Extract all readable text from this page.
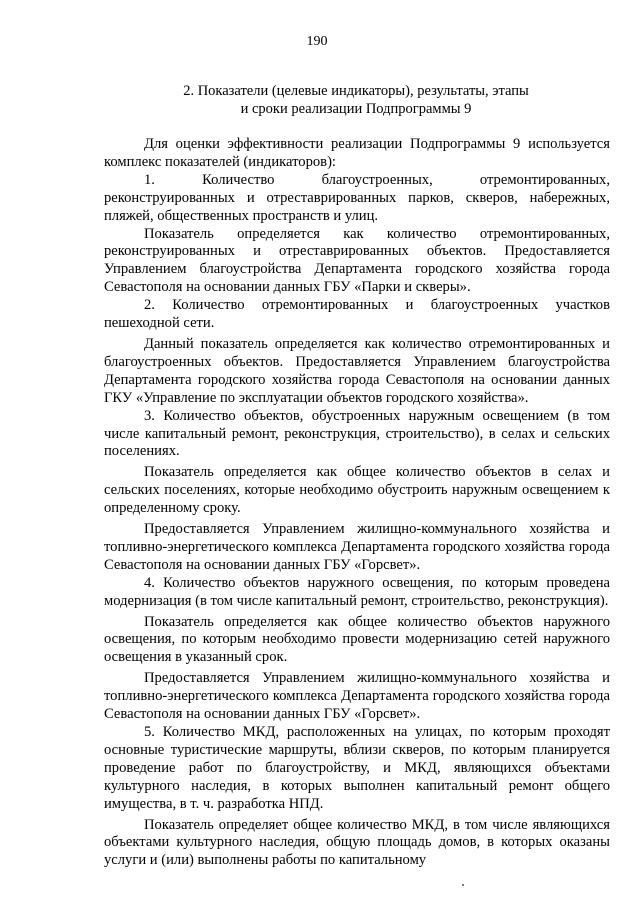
190
2. Показатели (целевые индикаторы), результаты, этапы
и сроки реализации Подпрограммы 9

Для оценки эффективности реализации Подпрограммы 9 используется комплекс показателей (индикаторов):

1. Количество благоустроенных, отремонтированных, реконструированных и отреставрированных парков, скверов, набережных, пляжей, общественных пространств и улиц.

Показатель определяется как количество отремонтированных, реконструированных и отреставрированных объектов. Предоставляется Управлением благоустройства Департамента городского хозяйства города Севастополя на основании данных ГБУ «Парки и скверы».

2. Количество отремонтированных и благоустроенных участков пешеходной сети.

Данный показатель определяется как количество отремонтированных и благоустроенных объектов. Предоставляется Управлением благоустройства Департамента городского хозяйства города Севастополя на основании данных ГКУ «Управление по эксплуатации объектов городского хозяйства».

3. Количество объектов, обустроенных наружным освещением (в том числе капитальный ремонт, реконструкция, строительство), в селах и сельских поселениях.

Показатель определяется как общее количество объектов в селах и сельских поселениях, которые необходимо обустроить наружным освещением к определенному сроку.

Предоставляется Управлением жилищно-коммунального хозяйства и топливно-энергетического комплекса Департамента городского хозяйства города Севастополя на основании данных ГБУ «Горсвет».

4. Количество объектов наружного освещения, по которым проведена модернизация (в том числе капитальный ремонт, строительство, реконструкция).

Показатель определяется как общее количество объектов наружного освещения, по которым необходимо провести модернизацию сетей наружного освещения в указанный срок.

Предоставляется Управлением жилищно-коммунального хозяйства и топливно-энергетического комплекса Департамента городского хозяйства города Севастополя на основании данных ГБУ «Горсвет».

5. Количество МКД, расположенных на улицах, по которым проходят основные туристические маршруты, вблизи скверов, по которым планируется проведение работ по благоустройству, и МКД, являющихся объектами культурного наследия, в которых выполнен капитальный ремонт общего имущества, в т. ч. разработка НПД.

Показатель определяет общее количество МКД, в том числе являющихся объектами культурного наследия, общую площадь домов, в которых оказаны услуги и (или) выполнены работы по капитальному
